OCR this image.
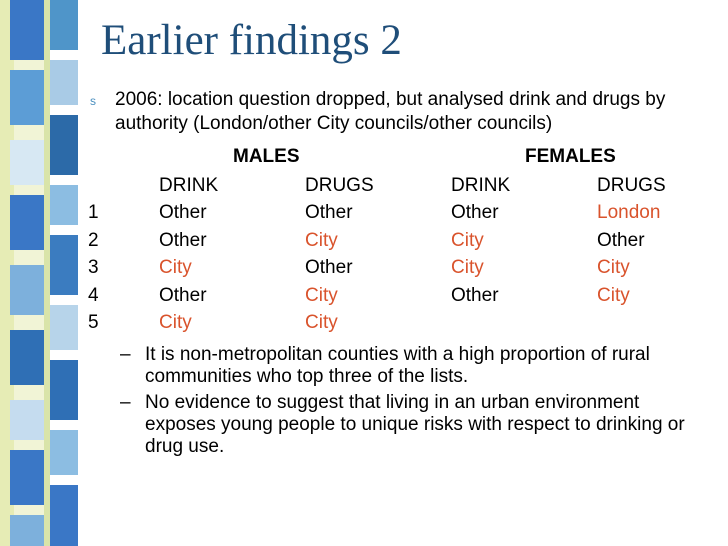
Earlier findings 2
s 2006: location question dropped, but analysed drink and drugs by authority (London/other City councils/other councils)
MALES	FEMALES
DRINK	DRUGS	DRINK	DRUGS
1	Other	Other	Other	London
2	Other	City	City	Other
3	City	Other	City	City
4	Other	City	Other	City
5	City	City
– It is non-metropolitan counties with a high proportion of rural communities who top three of the lists.
– No evidence to suggest that living in an urban environment exposes young people to unique risks with respect to drinking or drug use.
